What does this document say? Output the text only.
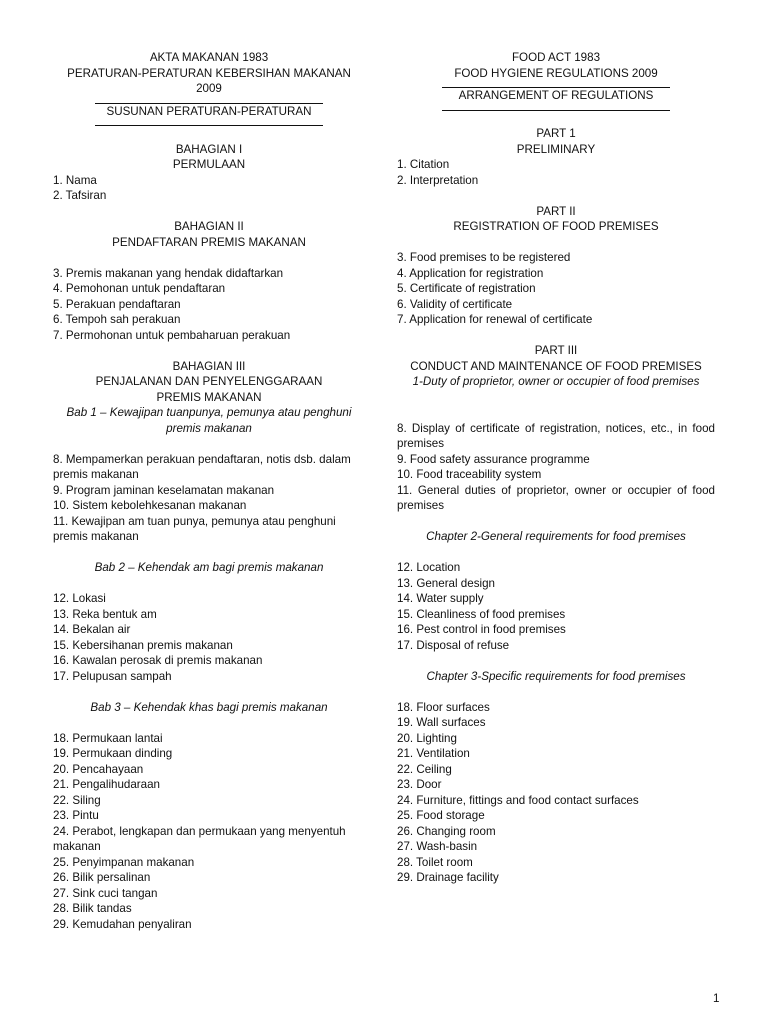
AKTA MAKANAN 1983
PERATURAN-PERATURAN KEBERSIHAN MAKANAN 2009
SUSUNAN PERATURAN-PERATURAN
BAHAGIAN I
PERMULAAN
1. Nama
2. Tafsiran
BAHAGIAN II
PENDAFTARAN PREMIS MAKANAN
3. Premis makanan yang hendak didaftarkan
4. Pemohonan untuk pendaftaran
5. Perakuan pendaftaran
6. Tempoh sah perakuan
7. Permohonan untuk pembaharuan perakuan
BAHAGIAN III
PENJALANAN DAN PENYELENGGARAAN PREMIS MAKANAN
Bab 1 – Kewajipan tuanpunya, pemunya atau penghuni premis makanan
8. Mempamerkan perakuan pendaftaran, notis dsb. dalam premis makanan
9. Program jaminan keselamatan makanan
10. Sistem kebolehkesanan makanan
11. Kewajipan am tuan punya, pemunya atau penghuni premis makanan
Bab 2 – Kehendak am bagi premis makanan
12. Lokasi
13. Reka bentuk am
14. Bekalan air
15. Kebersihanan premis makanan
16. Kawalan perosak di premis makanan
17. Pelupusan sampah
Bab 3 – Kehendak khas bagi premis makanan
18. Permukaan lantai
19. Permukaan dinding
20. Pencahayaan
21. Pengalihudaraan
22. Siling
23. Pintu
24. Perabot, lengkapan dan permukaan yang menyentuh makanan
25. Penyimpanan makanan
26. Bilik persalinan
27. Sink cuci tangan
28. Bilik tandas
29. Kemudahan penyaliran
FOOD ACT 1983
FOOD HYGIENE REGULATIONS 2009
ARRANGEMENT OF REGULATIONS
PART 1
PRELIMINARY
1. Citation
2. Interpretation
PART II
REGISTRATION OF FOOD PREMISES
3. Food premises to be registered
4. Application for registration
5. Certificate of registration
6. Validity of certificate
7. Application for renewal of certificate
PART III
CONDUCT AND MAINTENANCE OF FOOD PREMISES
1-Duty of proprietor, owner or occupier of food premises
8. Display of certificate of registration, notices, etc., in food premises
9. Food safety assurance programme
10. Food traceability system
11. General duties of proprietor, owner or occupier of food premises
Chapter 2-General requirements for food premises
12. Location
13. General design
14. Water supply
15. Cleanliness of food premises
16. Pest control in food premises
17. Disposal of refuse
Chapter 3-Specific requirements for food premises
18. Floor surfaces
19. Wall surfaces
20. Lighting
21. Ventilation
22. Ceiling
23. Door
24. Furniture, fittings and food contact surfaces
25. Food storage
26. Changing room
27. Wash-basin
28. Toilet room
29. Drainage facility
1
